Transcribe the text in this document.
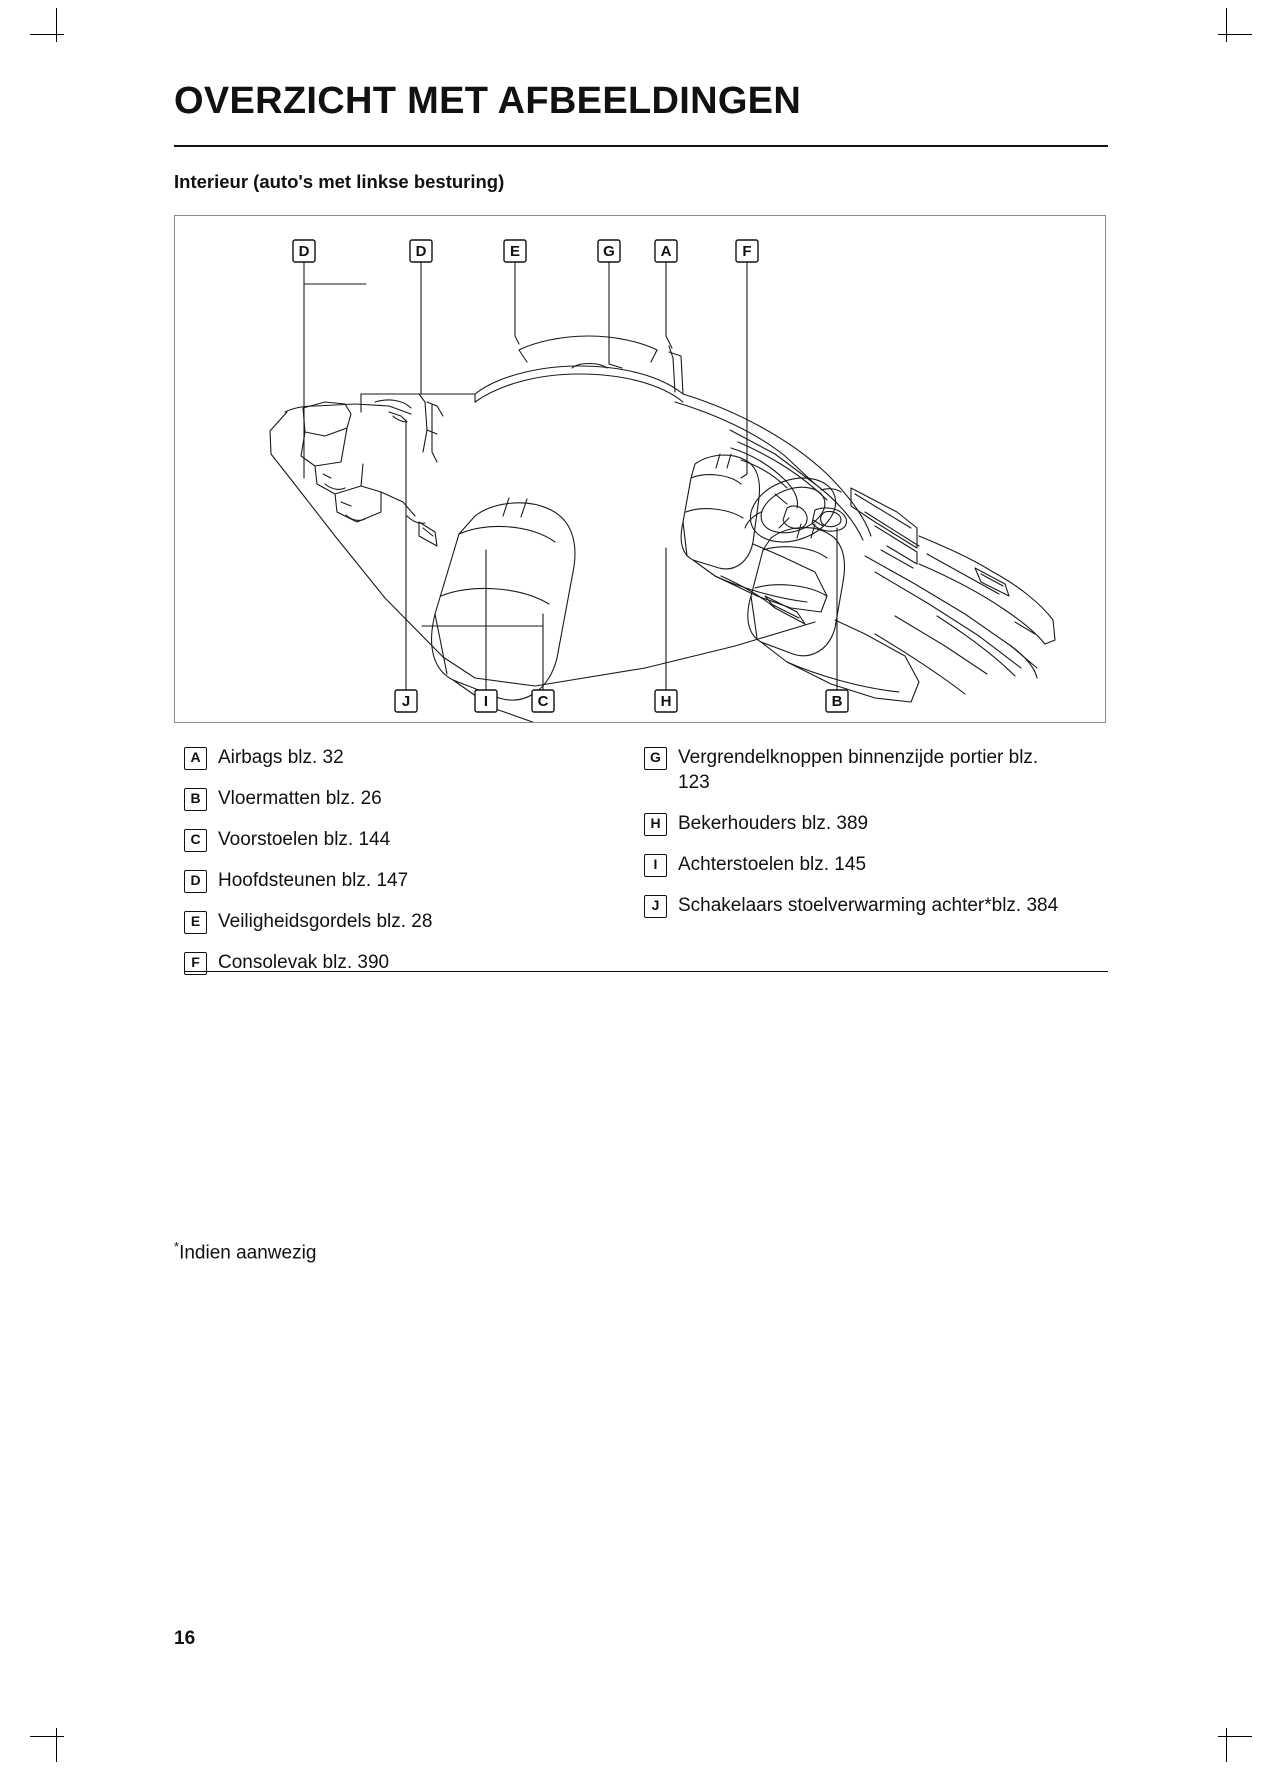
OVERZICHT MET AFBEELDINGEN
Interieur (auto's met linkse besturing)
D	D	E	G	A	F
J	I	C	H	B
A Airbags blz. 32
B Vloermatten blz. 26
C Voorstoelen blz. 144
D Hoofdsteunen blz. 147
E Veiligheidsgordels blz. 28
F Consolevak blz. 390
G Vergrendelknoppen binnenzijde portier blz. 123
H Bekerhouders blz. 389
I	Achterstoelen blz. 145
J Schakelaars stoelverwarming achter*blz. 384
*Indien aanwezig
16
